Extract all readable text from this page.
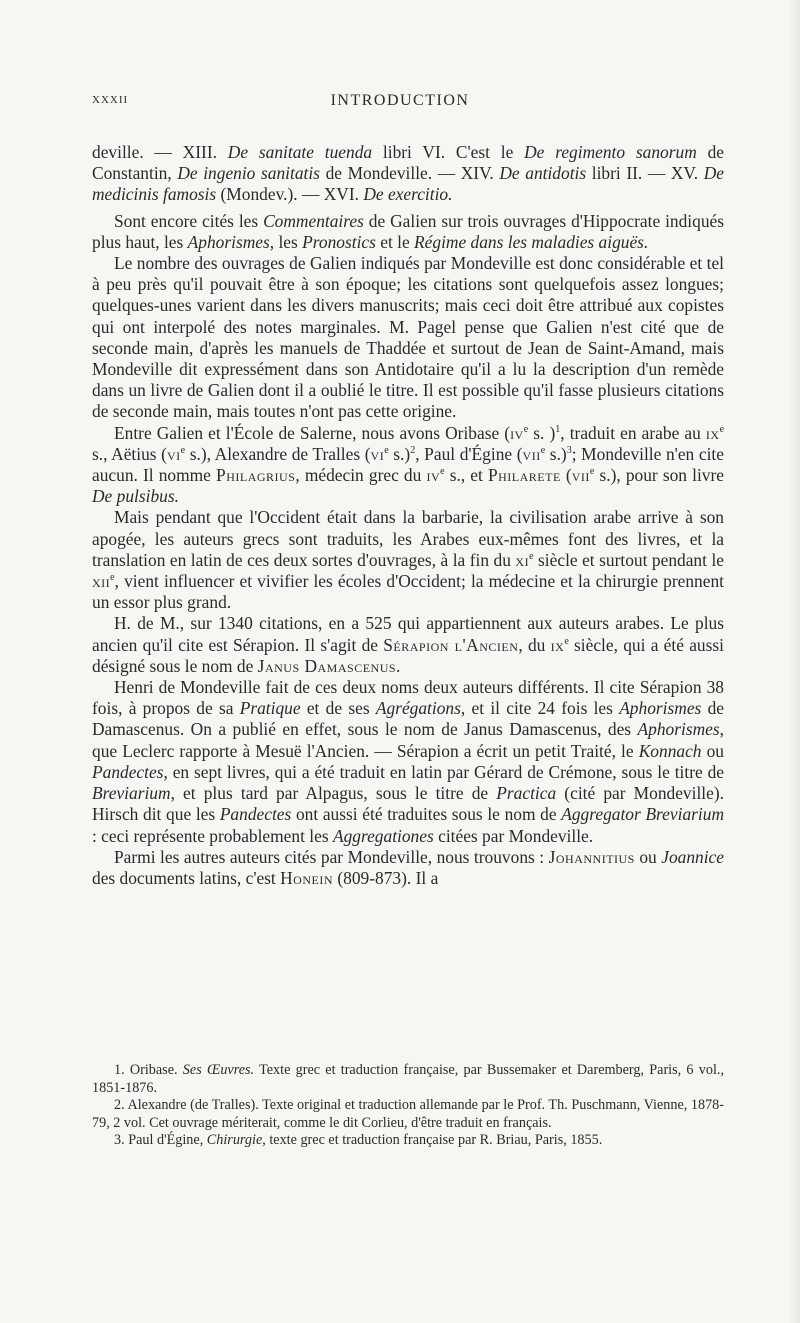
XXXII	INTRODUCTION

deville. — XIII. De sanitate tuenda libri VI. C'est le De regimento sanorum de Constantin, De ingenio sanitatis de Mondeville. — XIV. De antidotis libri II. — XV. De medicinis famosis (Mondev.). — XVI. De exercitio.

Sont encore cités les Commentaires de Galien sur trois ouvrages d'Hippocrate indiqués plus haut, les Aphorismes, les Pronostics et le Régime dans les maladies aiguës.

Le nombre des ouvrages de Galien indiqués par Mondeville est donc considérable et tel à peu près qu'il pouvait être à son époque; les citations sont quelquefois assez longues; quelques-unes varient dans les divers manuscrits; mais ceci doit être attribué aux copistes qui ont interpolé des notes marginales. M. Pagel pense que Galien n'est cité que de seconde main, d'après les manuels de Thaddée et surtout de Jean de Saint-Amand, mais Mondeville dit expressément dans son Antidotaire qu'il a lu la description d'un remède dans un livre de Galien dont il a oublié le titre. Il est possible qu'il fasse plusieurs citations de seconde main, mais toutes n'ont pas cette origine.

Entre Galien et l'École de Salerne, nous avons Oribase ($iv^e$ s. )$^1$, traduit en arabe au $ix^e$ s., Aëtius ($vi^e$ s.), Alexandre de Tralles ($vi^e$ s.)$^2$, Paul d'Égine (vii$^e$ s.)$^3$; Mondeville n'en cite aucun. Il nomme Philagrius, médecin grec du $iv^e$ s., et Philarete (vii$^e$ s.), pour son livre De pulsibus.

Mais pendant que l'Occident était dans la barbarie, la civilisation arabe arrive à son apogée, les auteurs grecs sont traduits, les Arabes eux-mêmes font des livres, et la translation en latin de ces deux sortes d'ouvrages, à la fin du $xi^e$ siècle et surtout pendant le xii$^e$, vient influencer et vivifier les écoles d'Occident; la médecine et la chirurgie prennent un essor plus grand.

H. de M., sur 1340 citations, en a 525 qui appartiennent aux auteurs arabes. Le plus ancien qu'il cite est Sérapion. Il s'agit de Sérapion l'Ancien, du $ix^e$ siècle, qui a été aussi désigné sous le nom de Janus Damascenus.

Henri de Mondeville fait de ces deux noms deux auteurs différents. Il cite Sérapion 38 fois, à propos de sa Pratique et de ses Agrégations, et il cite 24 fois les Aphorismes de Damascenus. On a publié en effet, sous le nom de Janus Damascenus, des Aphorismes, que Leclerc rapporte à Mesuë l'Ancien. — Sérapion a écrit un petit Traité, le Konnach ou Pandectes, en sept livres, qui a été traduit en latin par Gérard de Crémone, sous le titre de Breviarium, et plus tard par Alpagus, sous le titre de Practica (cité par Mondeville). Hirsch dit que les Pandectes ont aussi été traduites sous le nom de Aggregator Breviarium : ceci représente probablement les Aggregationes citées par Mondeville.

Parmi les autres auteurs cités par Mondeville, nous trouvons : Johannitius ou Joannice des documents latins, c'est Honein (809-873). Il a

1. Oribase. Ses Œuvres. Texte grec et traduction française, par Bussemaker et Daremberg, Paris, 6 vol., 1851-1876.

2. Alexandre (de Tralles). Texte original et traduction allemande par le Prof. Th. Puschmann, Vienne, 1878-79, 2 vol. Cet ouvrage mériterait, comme le dit Corlieu, d'être traduit en français.

3. Paul d'Égine, Chirurgie, texte grec et traduction française par R. Briau, Paris, 1855.
